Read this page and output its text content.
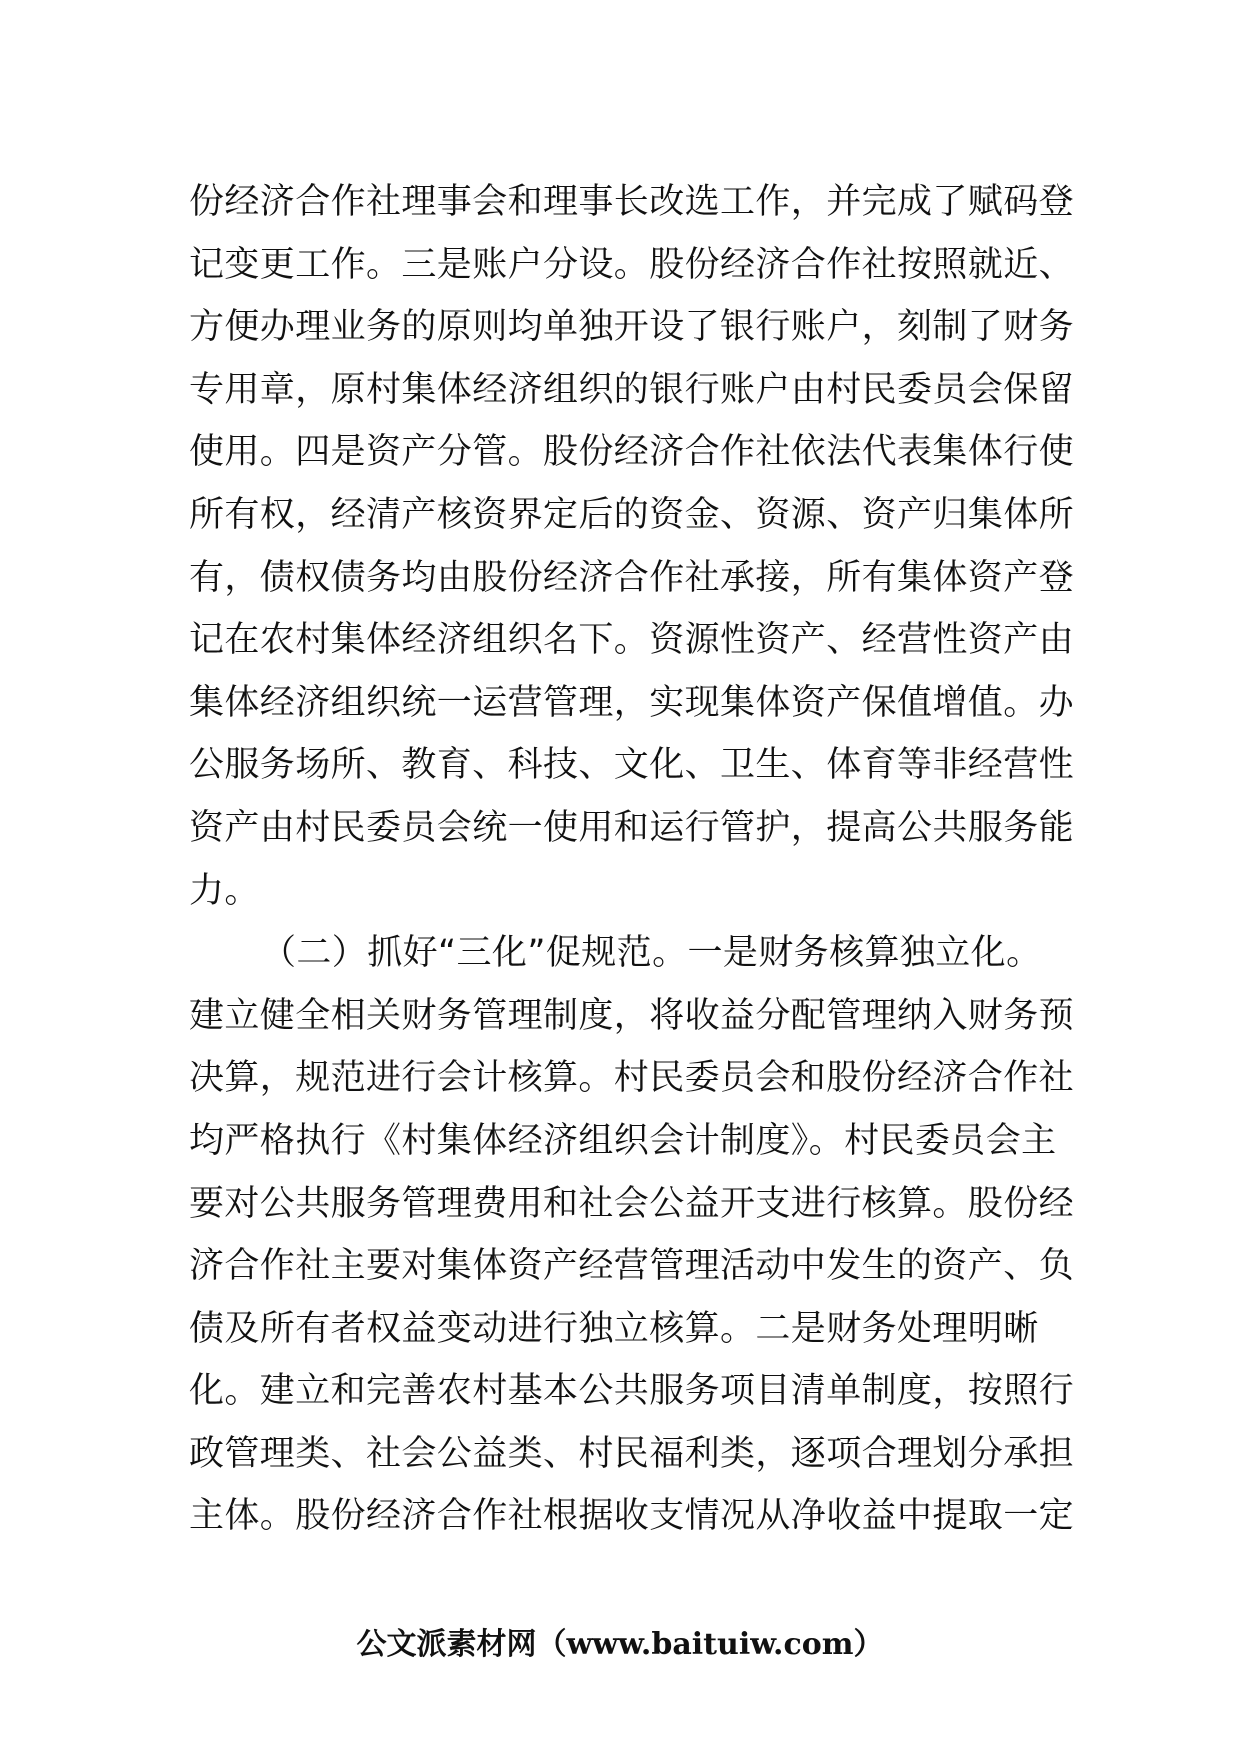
份经济合作社理事会和理事长改选工作，并完成了赋码登
记变更工作。三是账户分设。股份经济合作社按照就近、
方便办理业务的原则均单独开设了银行账户，刻制了财务
专用章，原村集体经济组织的银行账户由村民委员会保留
使用。四是资产分管。股份经济合作社依法代表集体行使
所有权，经清产核资界定后的资金、资源、资产归集体所
有，债权债务均由股份经济合作社承接，所有集体资产登
记在农村集体经济组织名下。资源性资产、经营性资产由
集体经济组织统一运营管理，实现集体资产保值增值。办
公服务场所、教育、科技、文化、卫生、体育等非经营性
资产由村民委员会统一使用和运行管护，提高公共服务能
力。
（二）抓好“三化”促规范。一是财务核算独立化。
建立健全相关财务管理制度，将收益分配管理纳入财务预
决算，规范进行会计核算。村民委员会和股份经济合作社
均严格执行《村集体经济组织会计制度》。村民委员会主
要对公共服务管理费用和社会公益开支进行核算。股份经
济合作社主要对集体资产经营管理活动中发生的资产、负
债及所有者权益变动进行独立核算。二是财务处理明晰
化。建立和完善农村基本公共服务项目清单制度，按照行
政管理类、社会公益类、村民福利类，逐项合理划分承担
主体。股份经济合作社根据收支情况从净收益中提取一定
公文派素材网（www.baituiw.com）
